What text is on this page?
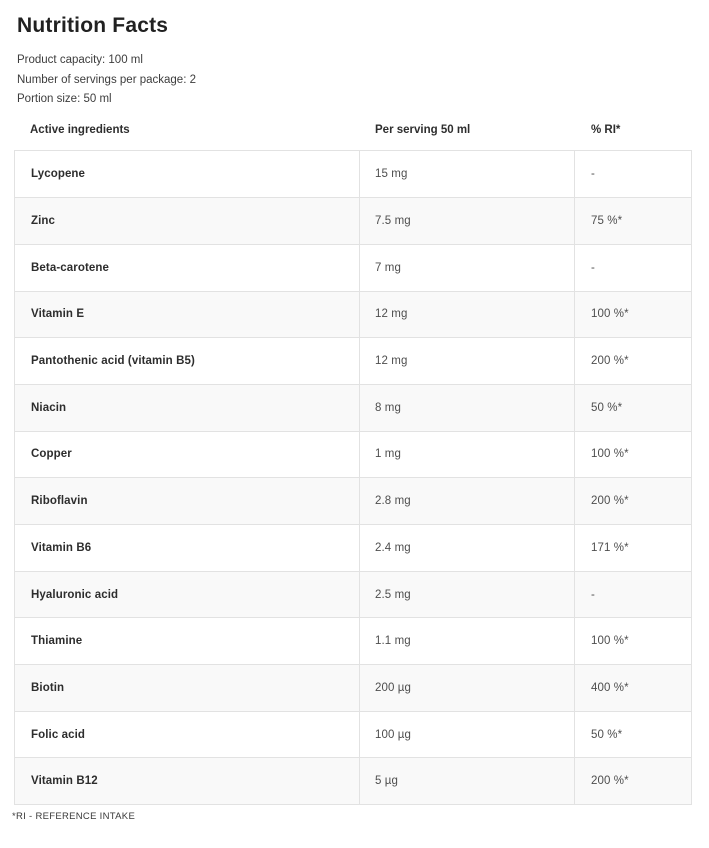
Nutrition Facts
Product capacity: 100 ml
Number of servings per package: 2
Portion size: 50 ml
Active ingredients	Per serving 50 ml	% RI*
Lycopene	15 mg	-
Zinc	7.5 mg	75 %*
Beta-carotene	7 mg	-
Vitamin E	12 mg	100 %*
Pantothenic acid (vitamin B5)	12 mg	200 %*
Niacin	8 mg	50 %*
Copper	1 mg	100 %*
Riboflavin	2.8 mg	200 %*
Vitamin B6	2.4 mg	171 %*
Hyaluronic acid	2.5 mg	-
Thiamine	1.1 mg	100 %*
Biotin	200 µg	400 %*
Folic acid	100 µg	50 %*
Vitamin B12	5 µg	200 %*
*RI - REFERENCE INTAKE
